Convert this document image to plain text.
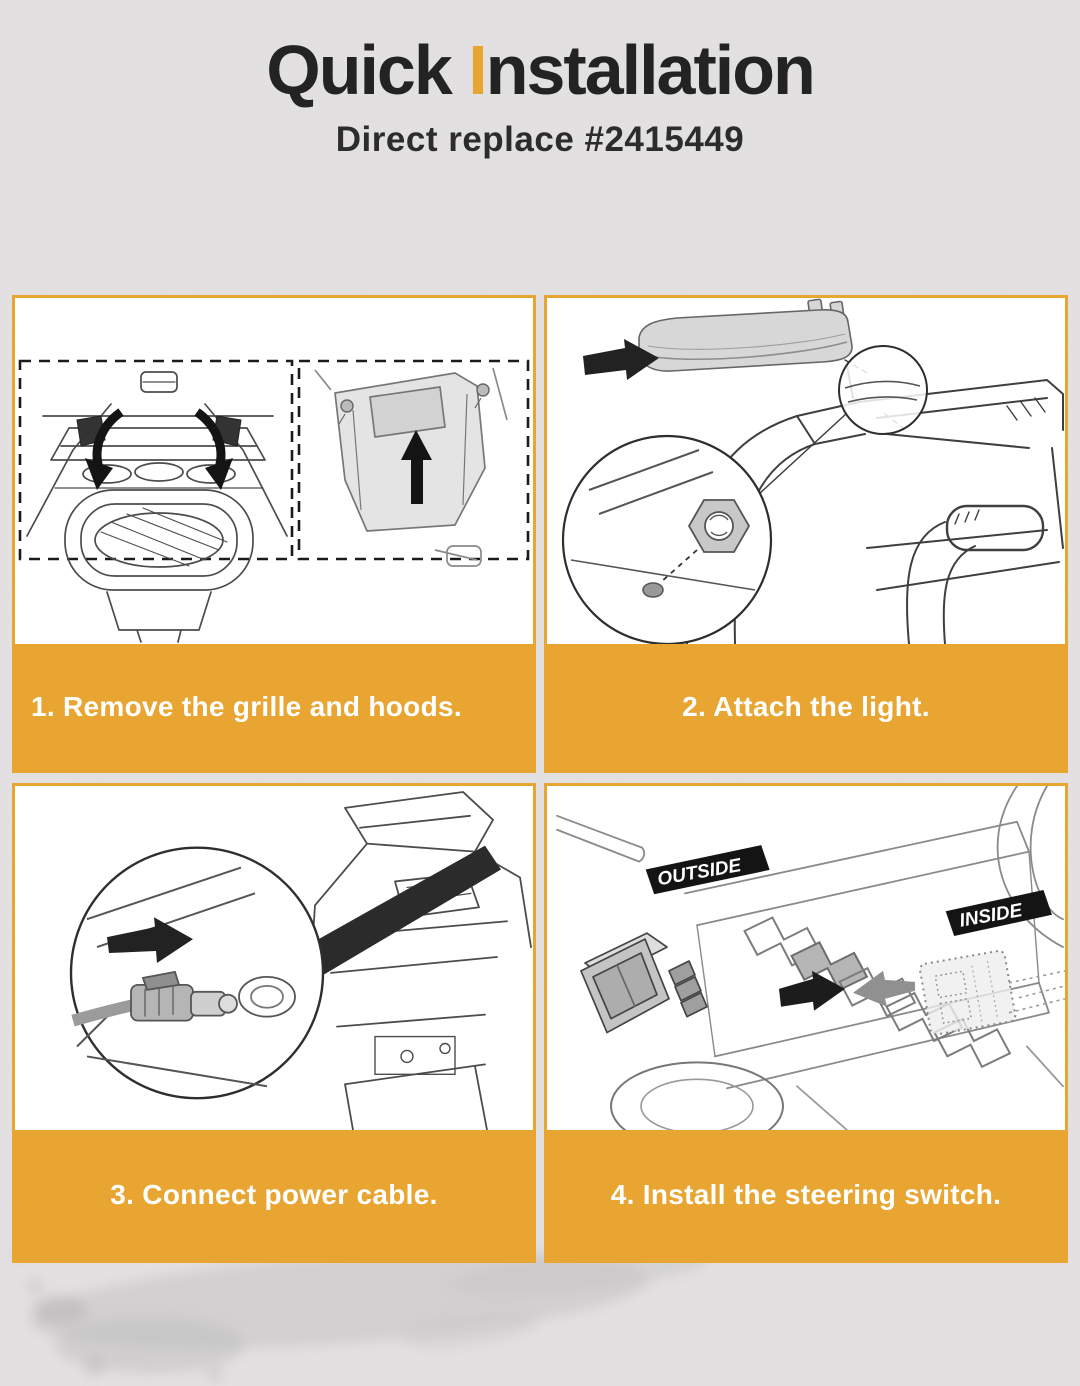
Quick Installation
Direct replace #2415449
1. Remove the grille and hoods.	2. Attach the light.
3. Connect power cable.
OUTSIDE
INSIDE
4. Install the steering switch.
